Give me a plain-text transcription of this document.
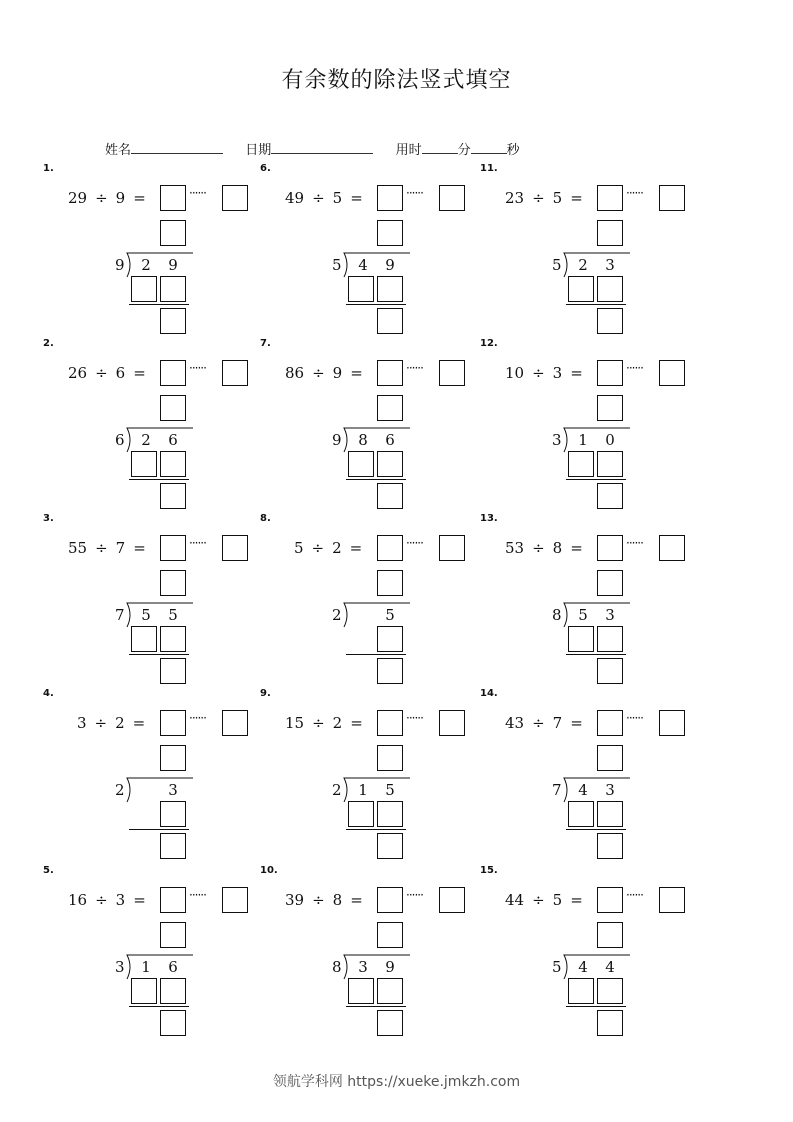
有余数的除法竖式填空
姓名	日期	用时	分	秒
1.
29 ÷ 9 =	······
9	2	9
2.
26 ÷ 6 =	······
6	2	6
3.
55 ÷ 7 =	······
7	5	5
4.
3 ÷ 2 =	······
2	3
5.
16 ÷ 3 =	······
3	1	6
6.
49 ÷ 5 =	······
5	4	9
7.
86 ÷ 9 =	······
9	8	6
8.
5 ÷ 2 =	······
2	5
9.
15 ÷ 2 =	······
2	1	5
10.
39 ÷ 8 =	······
8	3	9
11.
23 ÷ 5 =	······
5	2	3
12.
10 ÷ 3 =	······
3	1	0
13.
53 ÷ 8 =	······
8	5	3
14.
43 ÷ 7 =	······
7	4	3
15.
44 ÷ 5 =	······
5	4	4
领航学科网 https://xueke.jmkzh.com
